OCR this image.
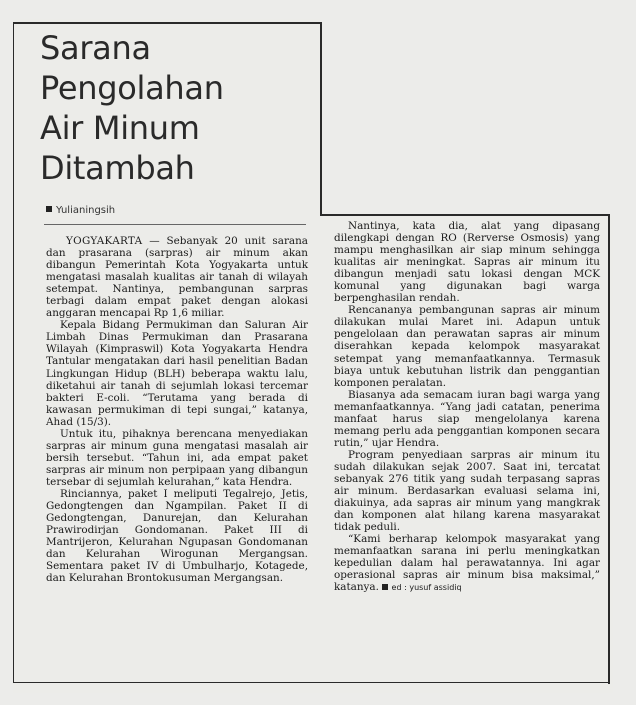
Sarana
Pengolahan
Air Minum
Ditambah
Yulianingsih

YOGYAKARTA — Sebanyak 20 unit sarana dan prasarana (sarpras) air minum akan dibangun Pemerintah Kota Yogyakarta untuk mengatasi masalah kualitas air tanah di wilayah setempat. Nantinya, pembangunan sarpras terbagi dalam empat paket dengan alokasi anggaran mencapai Rp 1,6 miliar.

Kepala Bidang Permukiman dan Saluran Air Limbah Dinas Permukiman dan Prasarana Wilayah (Kimpraswil) Kota Yogyakarta Hendra Tantular mengatakan dari hasil penelitian Badan Lingkungan Hidup (BLH) beberapa waktu lalu, diketahui air tanah di sejumlah lokasi tercemar bakteri E-coli. “Terutama yang berada di kawasan permukiman di tepi sungai,” katanya, Ahad (15/3).

Untuk itu, pihaknya berencana menyediakan sarpras air minum guna mengatasi masalah air bersih tersebut. “Tahun ini, ada empat paket sarpras air minum non perpipaan yang dibangun tersebar di sejumlah kelurahan,” kata Hendra.

Rinciannya, paket I meliputi Tegalrejo, Jetis, Gedongtengen dan Ngampilan. Paket II di Gedongtengan, Danurejan, dan Kelurahan Prawirodirjan Gondomanan. Paket III di Mantrijeron, Kelurahan Ngupasan Gondomanan dan Kelurahan Wirogunan Mergangsan. Sementara paket IV di Umbulharjo, Kotagede, dan Kelurahan Brontokusuman Mergangsan.

Nantinya, kata dia, alat yang dipasang dilengkapi dengan RO (Rerverse Osmosis) yang mampu menghasilkan air siap minum sehingga kualitas air meningkat. Sapras air minum itu dibangun menjadi satu lokasi dengan MCK komunal yang digunakan bagi warga berpenghasilan rendah.

Rencananya pembangunan sapras air minum dilakukan mulai Maret ini. Adapun untuk pengelolaan dan perawatan sapras air minum diserahkan kepada kelompok masyarakat setempat yang memanfaatkannya. Termasuk biaya untuk kebutuhan listrik dan penggantian komponen peralatan.

Biasanya ada semacam iuran bagi warga yang memanfaatkannya. “Yang jadi catatan, penerima manfaat harus siap mengelolanya karena memang perlu ada penggantian komponen secara rutin,” ujar Hendra.

Program penyediaan sarpras air minum itu sudah dilakukan sejak 2007. Saat ini, tercatat sebanyak 276 titik yang sudah terpasang sapras air minum. Berdasarkan evaluasi selama ini, diakuinya, ada sapras air minum yang mangkrak dan komponen alat hilang karena masyarakat tidak peduli.

“Kami berharap kelompok masyarakat yang memanfaatkan sarana ini perlu meningkatkan kepedulian dalam hal perawatannya. Ini agar operasional sapras air minum bisa maksimal,” katanya. ed : yusuf assidiq
